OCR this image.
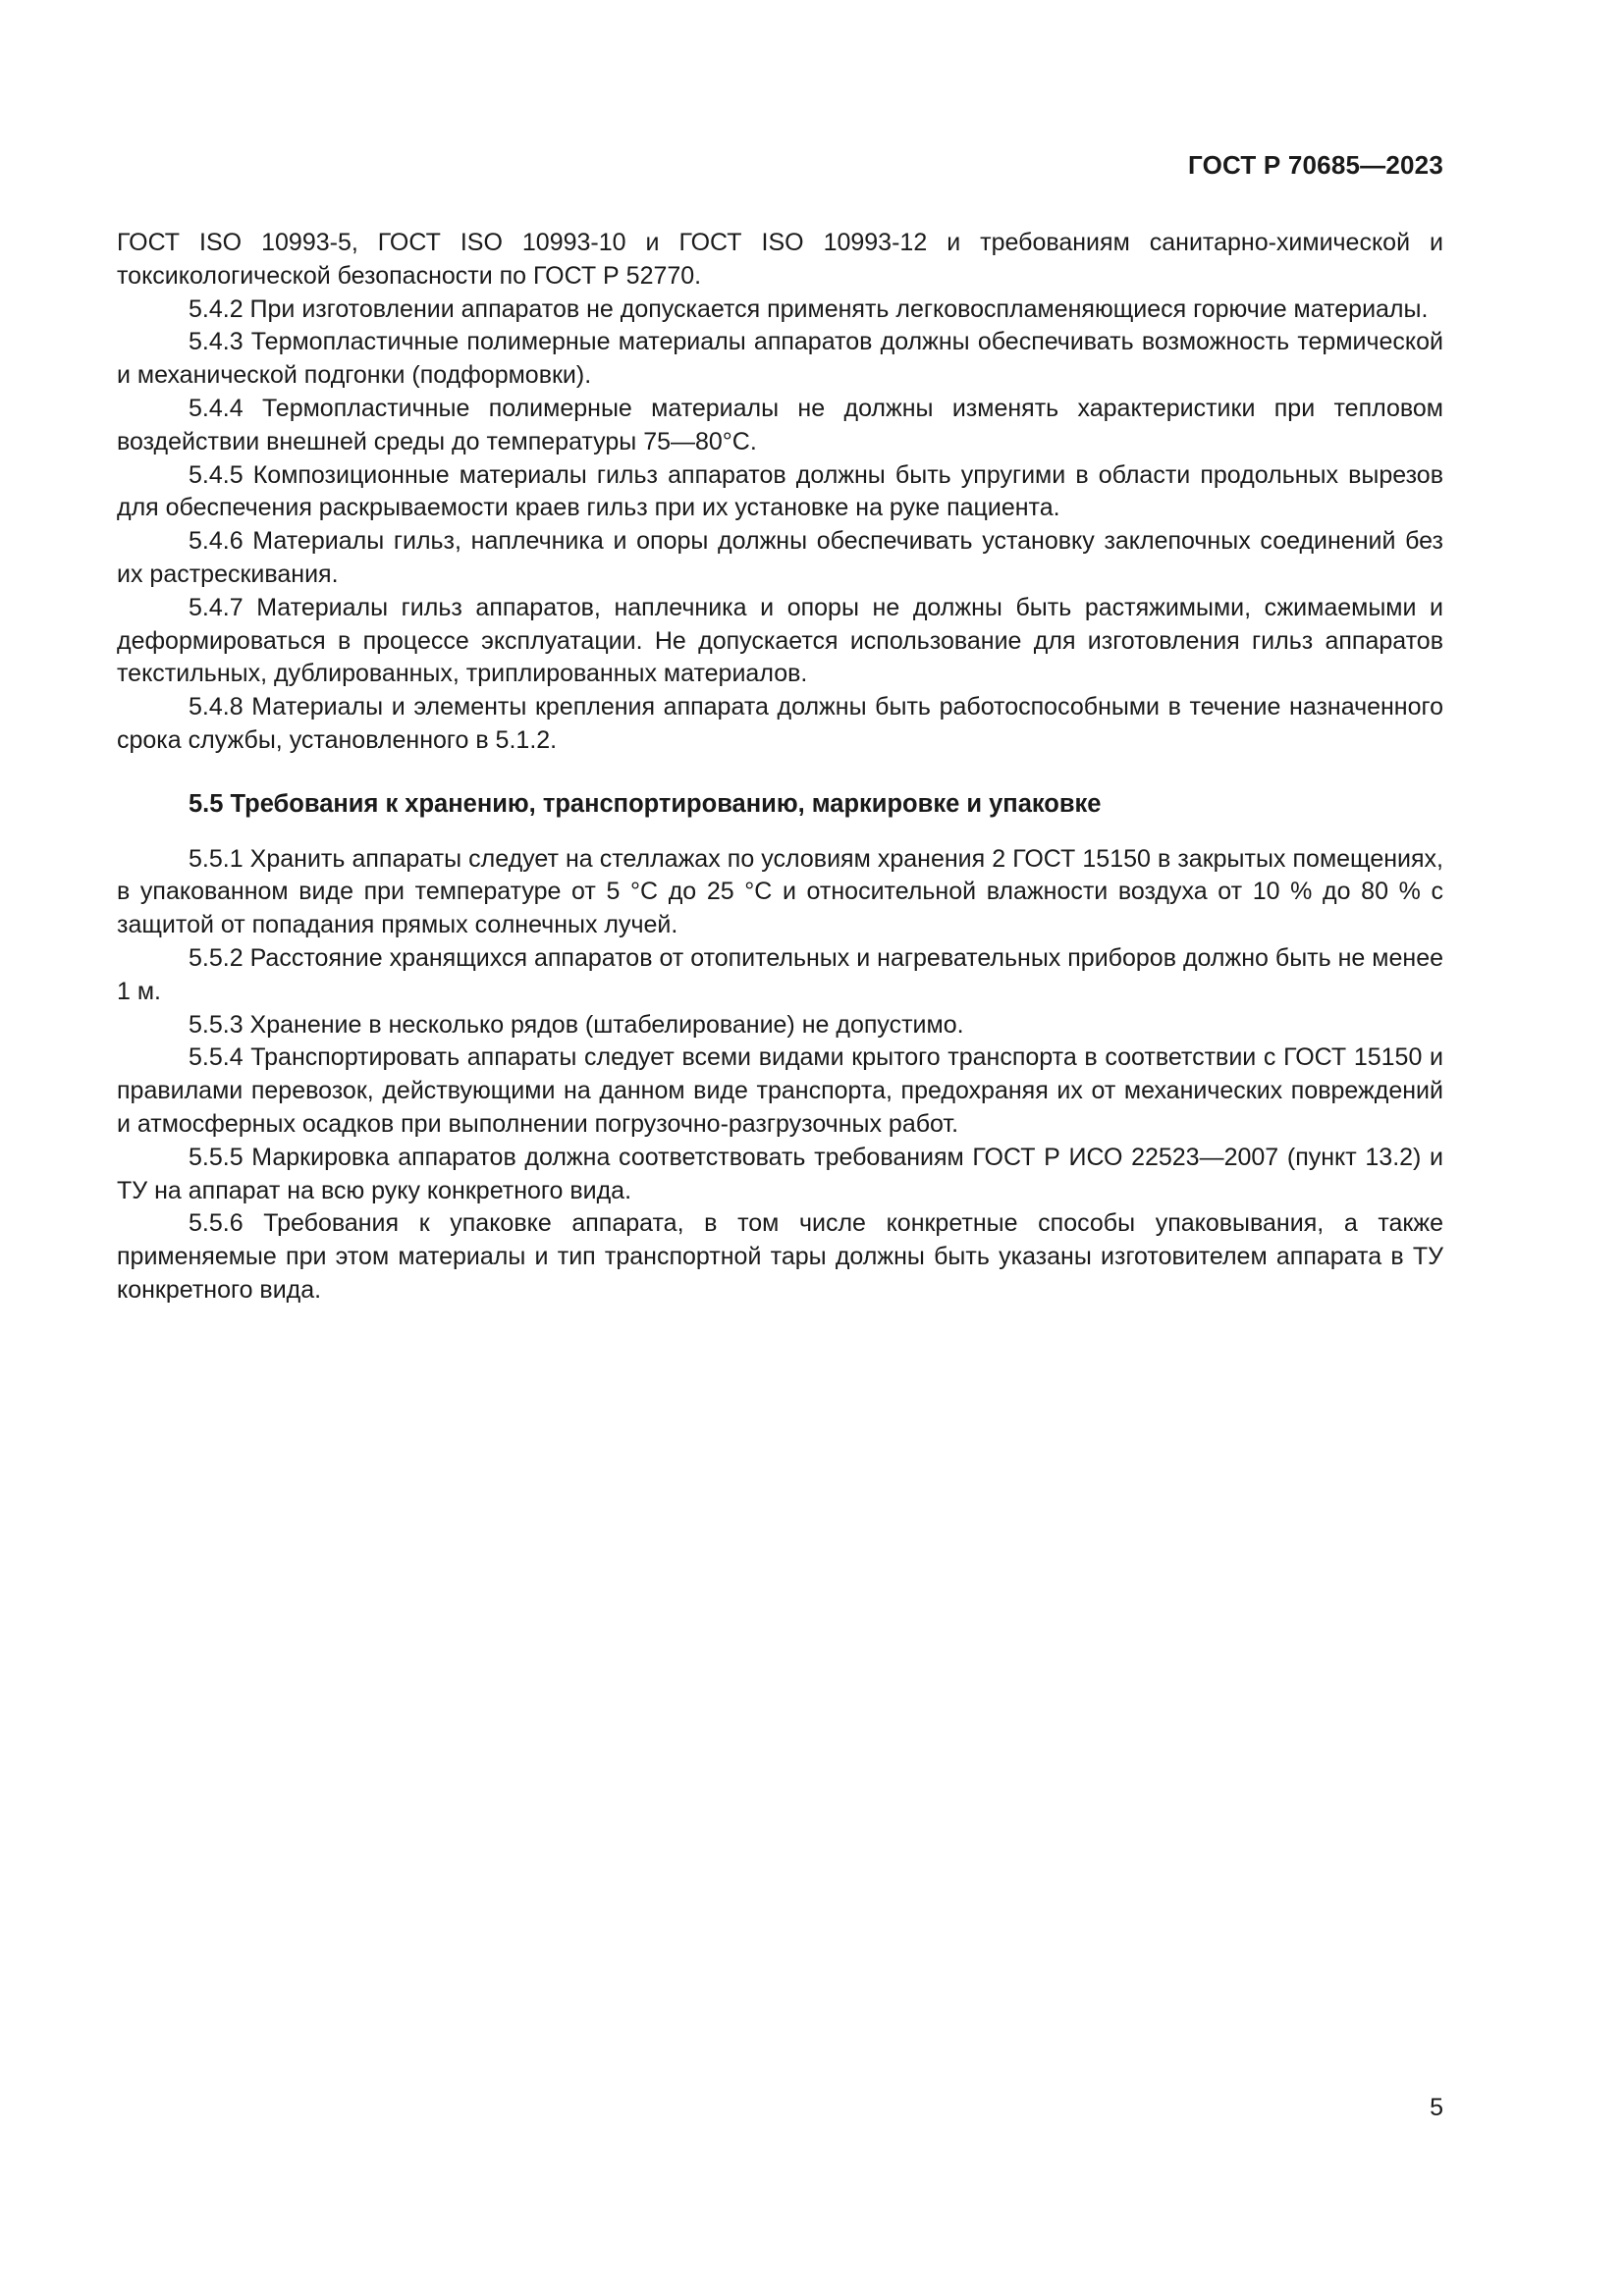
ГОСТ Р 70685—2023

ГОСТ ISO 10993-5, ГОСТ ISO 10993-10 и ГОСТ ISO 10993-12 и требованиям санитарно-химической и токсикологической безопасности по ГОСТ Р 52770.

5.4.2 При изготовлении аппаратов не допускается применять легковоспламеняющиеся горючие материалы.

5.4.3 Термопластичные полимерные материалы аппаратов должны обеспечивать возможность термической и механической подгонки (подформовки).

5.4.4 Термопластичные полимерные материалы не должны изменять характеристики при тепловом воздействии внешней среды до температуры 75—80°С.

5.4.5 Композиционные материалы гильз аппаратов должны быть упругими в области продольных вырезов для обеспечения раскрываемости краев гильз при их установке на руке пациента.

5.4.6 Материалы гильз, наплечника и опоры должны обеспечивать установку заклепочных соединений без их растрескивания.

5.4.7 Материалы гильз аппаратов, наплечника и опоры не должны быть растяжимыми, сжимаемыми и деформироваться в процессе эксплуатации. Не допускается использование для изготовления гильз аппаратов текстильных, дублированных, триплированных материалов.

5.4.8 Материалы и элементы крепления аппарата должны быть работоспособными в течение назначенного срока службы, установленного в 5.1.2.

5.5 Требования к хранению, транспортированию, маркировке и упаковке

5.5.1 Хранить аппараты следует на стеллажах по условиям хранения 2 ГОСТ 15150 в закрытых помещениях, в упакованном виде при температуре от 5 °С до 25 °С и относительной влажности воздуха от 10 % до 80 % с защитой от попадания прямых солнечных лучей.

5.5.2 Расстояние хранящихся аппаратов от отопительных и нагревательных приборов должно быть не менее 1 м.

5.5.3 Хранение в несколько рядов (штабелирование) не допустимо.

5.5.4 Транспортировать аппараты следует всеми видами крытого транспорта в соответствии с ГОСТ 15150 и правилами перевозок, действующими на данном виде транспорта, предохраняя их от механических повреждений и атмосферных осадков при выполнении погрузочно-разгрузочных работ.

5.5.5 Маркировка аппаратов должна соответствовать требованиям ГОСТ Р ИСО 22523—2007 (пункт 13.2) и ТУ на аппарат на всю руку конкретного вида.

5.5.6 Требования к упаковке аппарата, в том числе конкретные способы упаковывания, а также применяемые при этом материалы и тип транспортной тары должны быть указаны изготовителем аппарата в ТУ конкретного вида.

5
